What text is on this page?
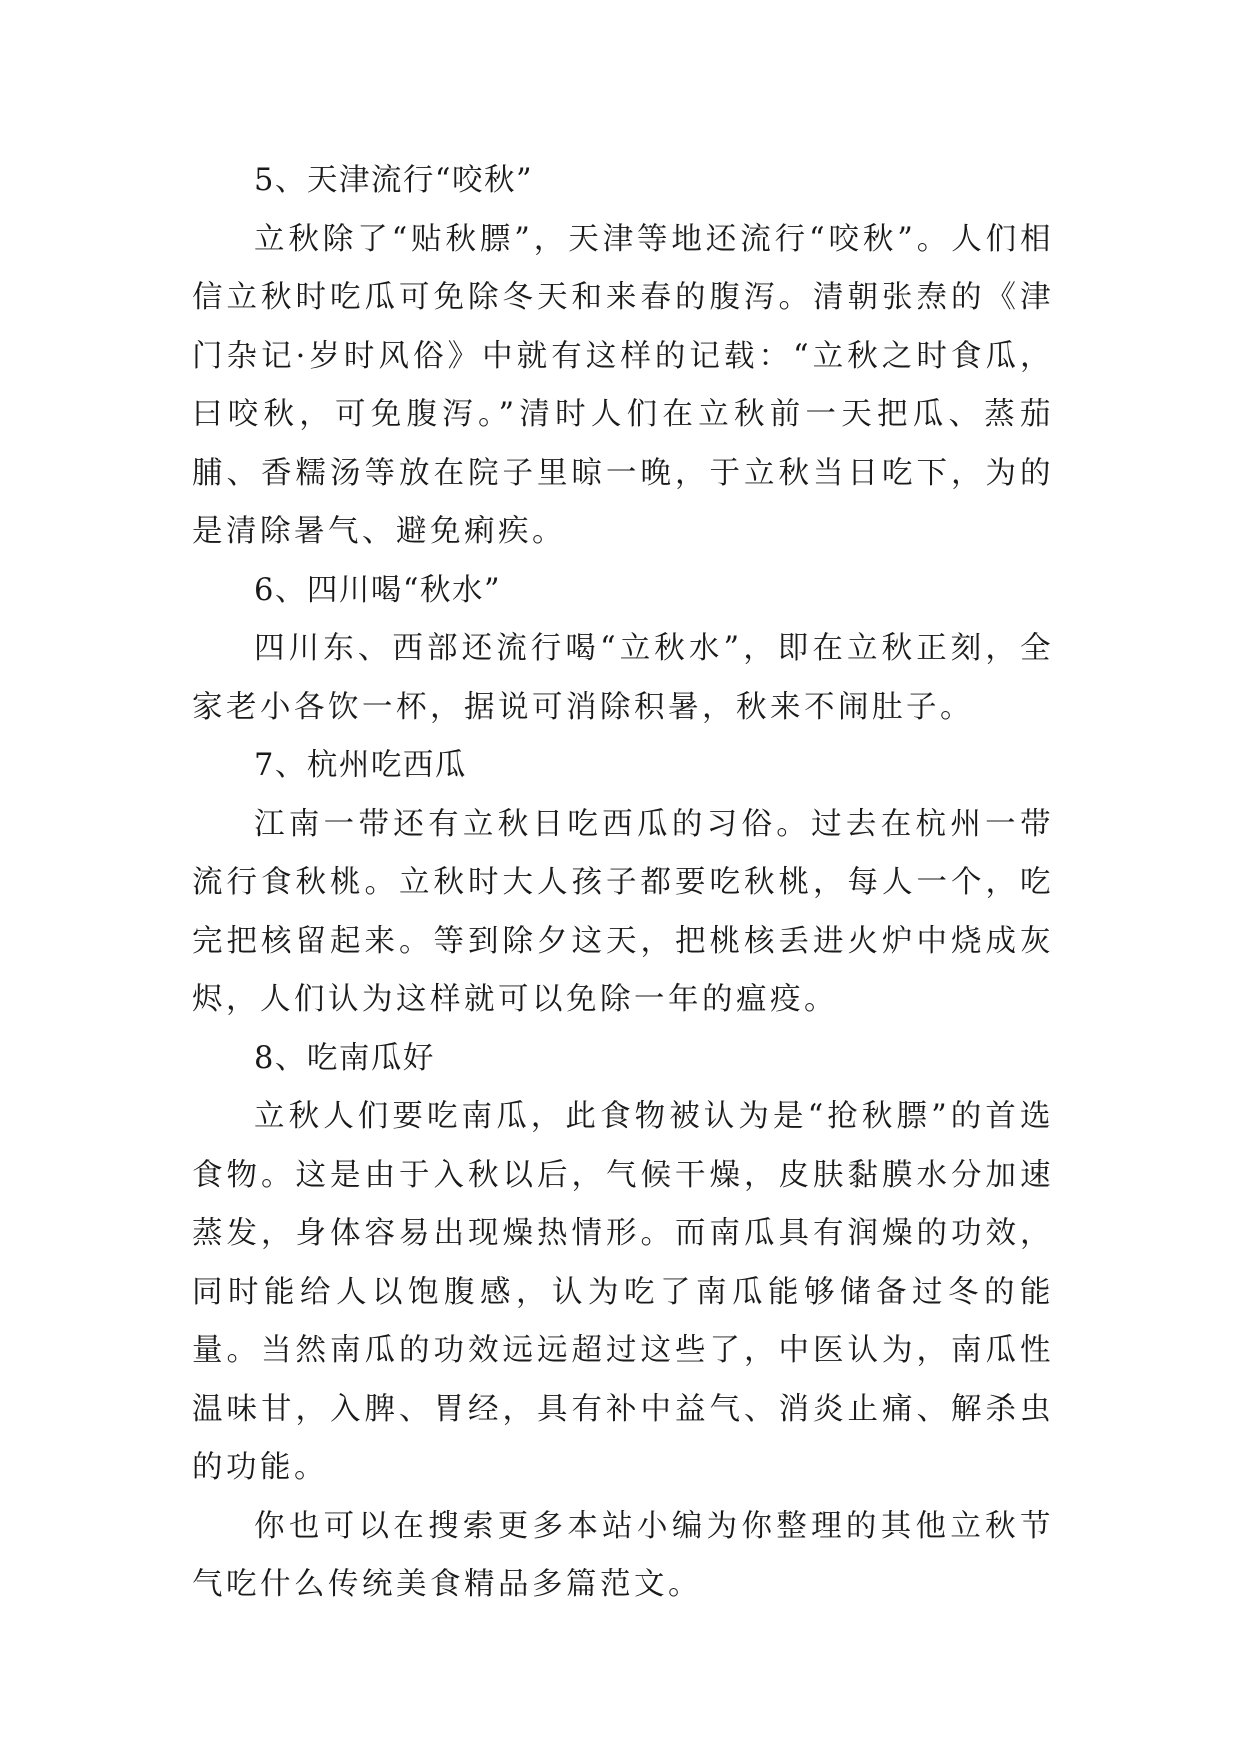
5、天津流行“咬秋”

立秋除了“贴秋膘”，天津等地还流行“咬秋”。人们相信立秋时吃瓜可免除冬天和来春的腹泻。清朝张焘的《津门杂记·岁时风俗》中就有这样的记载：“立秋之时食瓜，曰咬秋，可免腹泻。”清时人们在立秋前一天把瓜、蒸茄脯、香糯汤等放在院子里晾一晚，于立秋当日吃下，为的是清除暑气、避免痢疾。

6、四川喝“秋水”

四川东、西部还流行喝“立秋水”，即在立秋正刻，全家老小各饮一杯，据说可消除积暑，秋来不闹肚子。

7、杭州吃西瓜

江南一带还有立秋日吃西瓜的习俗。过去在杭州一带流行食秋桃。立秋时大人孩子都要吃秋桃，每人一个，吃完把核留起来。等到除夕这天，把桃核丢进火炉中烧成灰烬，人们认为这样就可以免除一年的瘟疫。

8、吃南瓜好

立秋人们要吃南瓜，此食物被认为是“抢秋膘”的首选食物。这是由于入秋以后，气候干燥，皮肤黏膜水分加速蒸发，身体容易出现燥热情形。而南瓜具有润燥的功效，同时能给人以饱腹感，认为吃了南瓜能够储备过冬的能量。当然南瓜的功效远远超过这些了，中医认为，南瓜性温味甘，入脾、胃经，具有补中益气、消炎止痛、解杀虫的功能。

你也可以在搜索更多本站小编为你整理的其他立秋节气吃什么传统美食精品多篇范文。
